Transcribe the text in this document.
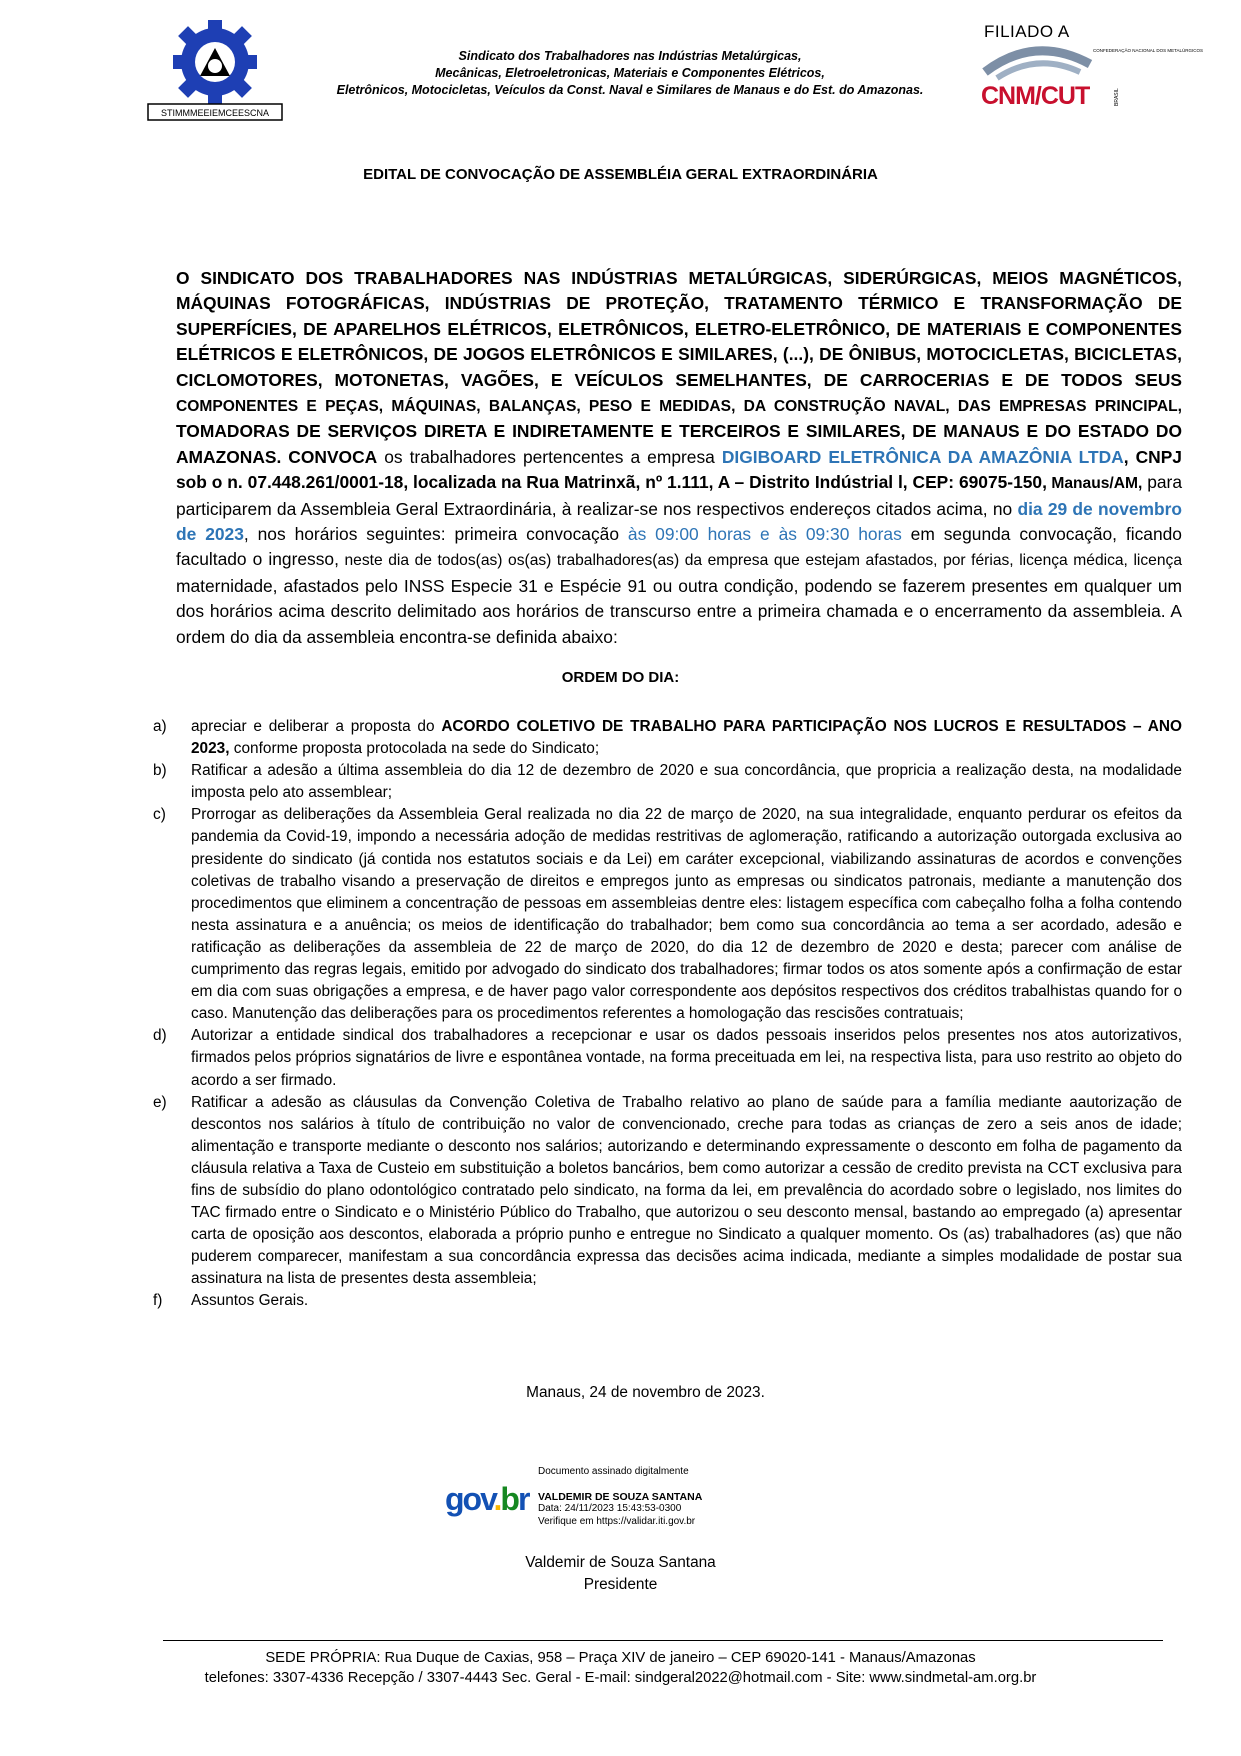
STIMMMEEIEMCEESCNA
Sindicato dos Trabalhadores nas Indústrias Metalúrgicas,
Mecânicas, Eletroeletronicas, Materiais e Componentes Elétricos,
Eletrônicos, Motocicletas, Veículos da Const. Naval e Similares de Manaus e do Est. do Amazonas.
FILIADO A
CONFEDERAÇÃO NACIONAL DOS METALÚRGICOS
CNM/CUT	BRASIL
EDITAL DE CONVOCAÇÃO DE ASSEMBLÉIA GERAL EXTRAORDINÁRIA
O SINDICATO DOS TRABALHADORES NAS INDÚSTRIAS METALÚRGICAS, SIDERÚRGICAS, MEIOS MAGNÉTICOS, MÁQUINAS FOTOGRÁFICAS, INDÚSTRIAS DE PROTEÇÃO, TRATAMENTO TÉRMICO E TRANSFORMAÇÃO DE SUPERFÍCIES, DE APARELHOS ELÉTRICOS, ELETRÔNICOS, ELETRO-ELETRÔNICO, DE MATERIAIS E COMPONENTES ELÉTRICOS E ELETRÔNICOS, DE JOGOS ELETRÔNICOS E SIMILARES, (...), DE ÔNIBUS, MOTOCICLETAS, BICICLETAS, CICLOMOTORES, MOTONETAS, VAGÕES, E VEÍCULOS SEMELHANTES, DE CARROCERIAS E DE TODOS SEUS COMPONENTES E PEÇAS, MÁQUINAS, BALANÇAS, PESO E MEDIDAS, DA CONSTRUÇÃO NAVAL, DAS EMPRESAS PRINCIPAL, TOMADORAS DE SERVIÇOS DIRETA E INDIRETAMENTE E TERCEIROS E SIMILARES, DE MANAUS E DO ESTADO DO AMAZONAS. CONVOCA os trabalhadores pertencentes a empresa DIGIBOARD ELETRÔNICA DA AMAZÔNIA LTDA, CNPJ sob o n. 07.448.261/0001-18, localizada na Rua Matrinxã, nº 1.111, A – Distrito Indústrial l, CEP: 69075-150, Manaus/AM, para participarem da Assembleia Geral Extraordinária, à realizar-se nos respectivos endereços citados acima, no dia 29 de novembro de 2023, nos horários seguintes: primeira convocação às 09:00 horas e às 09:30 horas em segunda convocação, ficando facultado o ingresso, neste dia de todos(as) os(as) trabalhadores(as) da empresa que estejam afastados, por férias, licença médica, licença maternidade, afastados pelo INSS Especie 31 e Espécie 91 ou outra condição, podendo se fazerem presentes em qualquer um dos horários acima descrito delimitado aos horários de transcurso entre a primeira chamada e o encerramento da assembleia. A ordem do dia da assembleia encontra-se definida abaixo:
ORDEM DO DIA:
a)	apreciar e deliberar a proposta do ACORDO COLETIVO DE TRABALHO PARA PARTICIPAÇÃO NOS LUCROS E RESULTADOS – ANO 2023, conforme proposta protocolada na sede do Sindicato;
b)	Ratificar a adesão a última assembleia do dia 12 de dezembro de 2020 e sua concordância, que propricia a realização desta, na modalidade imposta pelo ato assemblear;
c)	Prorrogar as deliberações da Assembleia Geral realizada no dia 22 de março de 2020, na sua integralidade, enquanto perdurar os efeitos da pandemia da Covid-19, impondo a necessária adoção de medidas restritivas de aglomeração, ratificando a autorização outorgada exclusiva ao presidente do sindicato (já contida nos estatutos sociais e da Lei) em caráter excepcional, viabilizando assinaturas de acordos e convenções coletivas de trabalho visando a preservação de direitos e empregos junto as empresas ou sindicatos patronais, mediante a manutenção dos procedimentos que eliminem a concentração de pessoas em assembleias dentre eles: listagem específica com cabeçalho folha a folha contendo nesta assinatura e a anuência; os meios de identificação do trabalhador; bem como sua concordância ao tema a ser acordado, adesão e ratificação as deliberações da assembleia de 22 de março de 2020, do dia 12 de dezembro de 2020 e desta; parecer com análise de cumprimento das regras legais, emitido por advogado do sindicato dos trabalhadores; firmar todos os atos somente após a confirmação de estar em dia com suas obrigações a empresa, e de haver pago valor correspondente aos depósitos respectivos dos créditos trabalhistas quando for o caso. Manutenção das deliberações para os procedimentos referentes a homologação das rescisões contratuais;
d)	Autorizar a entidade sindical dos trabalhadores a recepcionar e usar os dados pessoais inseridos pelos presentes nos atos autorizativos, firmados pelos próprios signatários de livre e espontânea vontade, na forma preceituada em lei, na respectiva lista, para uso restrito ao objeto do acordo a ser firmado.
e)	Ratificar a adesão as cláusulas da Convenção Coletiva de Trabalho relativo ao plano de saúde para a família mediante aautorização de descontos nos salários à título de contribuição no valor de convencionado, creche para todas as crianças de zero a seis anos de idade; alimentação e transporte mediante o desconto nos salários; autorizando e determinando expressamente o desconto em folha de pagamento da cláusula relativa a Taxa de Custeio em substituição a boletos bancários, bem como autorizar a cessão de credito prevista na CCT exclusiva para fins de subsídio do plano odontológico contratado pelo sindicato, na forma da lei, em prevalência do acordado sobre o legislado, nos limites do TAC firmado entre o Sindicato e o Ministério Público do Trabalho, que autorizou o seu desconto mensal, bastando ao empregado (a) apresentar carta de oposição aos descontos, elaborada a próprio punho e entregue no Sindicato a qualquer momento. Os (as) trabalhadores (as) que não puderem comparecer, manifestam a sua concordância expressa das decisões acima indicada, mediante a simples modalidade de postar sua assinatura na lista de presentes desta assembleia;
f)	Assuntos Gerais.
Manaus, 24 de novembro de 2023.
gov.br
Documento assinado digitalmente
VALDEMIR DE SOUZA SANTANA
Data: 24/11/2023 15:43:53-0300
Verifique em https://validar.iti.gov.br
Valdemir de Souza Santana
Presidente
SEDE PRÓPRIA: Rua Duque de Caxias, 958 – Praça XIV de janeiro – CEP 69020-141 - Manaus/Amazonas
telefones: 3307-4336 Recepção / 3307-4443 Sec. Geral - E-mail: sindgeral2022@hotmail.com - Site: www.sindmetal-am.org.br
